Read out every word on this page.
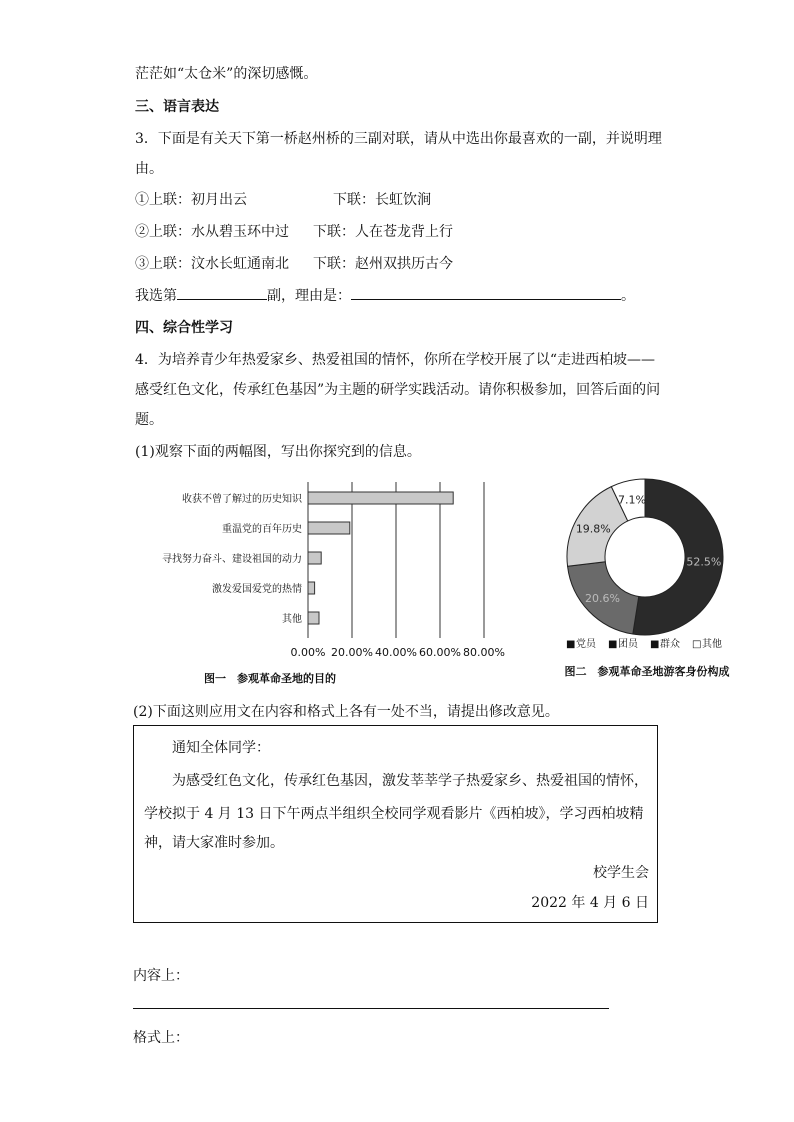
茫茫如“太仓米”的深切感慨。
三、语言表达
3．下面是有关天下第一桥赵州桥的三副对联，请从中选出你最喜欢的一副，并说明理
由。
①上联：初月出云	下联：长虹饮涧
②上联：水从碧玉环中过 下联：人在苍龙背上行
③上联：汶水长虹通南北 下联：赵州双拱历古今
我选第	副，理由是：	。
四、综合性学习
4．为培养青少年热爱家乡、热爱祖国的情怀，你所在学校开展了以“走进西柏坡——
感受红色文化，传承红色基因”为主题的研学实践活动。请你积极参加，回答后面的问
题。
(1)观察下面的两幅图，写出你探究到的信息。
0.00% 20.00% 40.00% 60.00% 80.00%
收获不曾了解过的历史知识
重温党的百年历史
寻找努力奋斗、建设祖国的动力
激发爱国爱党的热情
其他
图一　参观革命圣地的目的
52.5%
20.6%
19.8%
7.1%
■ 党员 ■ 团员 ■ 群众 □ 其他
图二　参观革命圣地游客身份构成
(2)下面这则应用文在内容和格式上各有一处不当，请提出修改意见。
通知全体同学：
为感受红色文化，传承红色基因，激发莘莘学子热爱家乡、热爱祖国的情怀，
学校拟于 4 月 13 日下午两点半组织全校同学观看影片《西柏坡》，学习西柏坡精
神，请大家准时参加。
校学生会
2022 年 4 月 6 日
内容上：
格式上：
